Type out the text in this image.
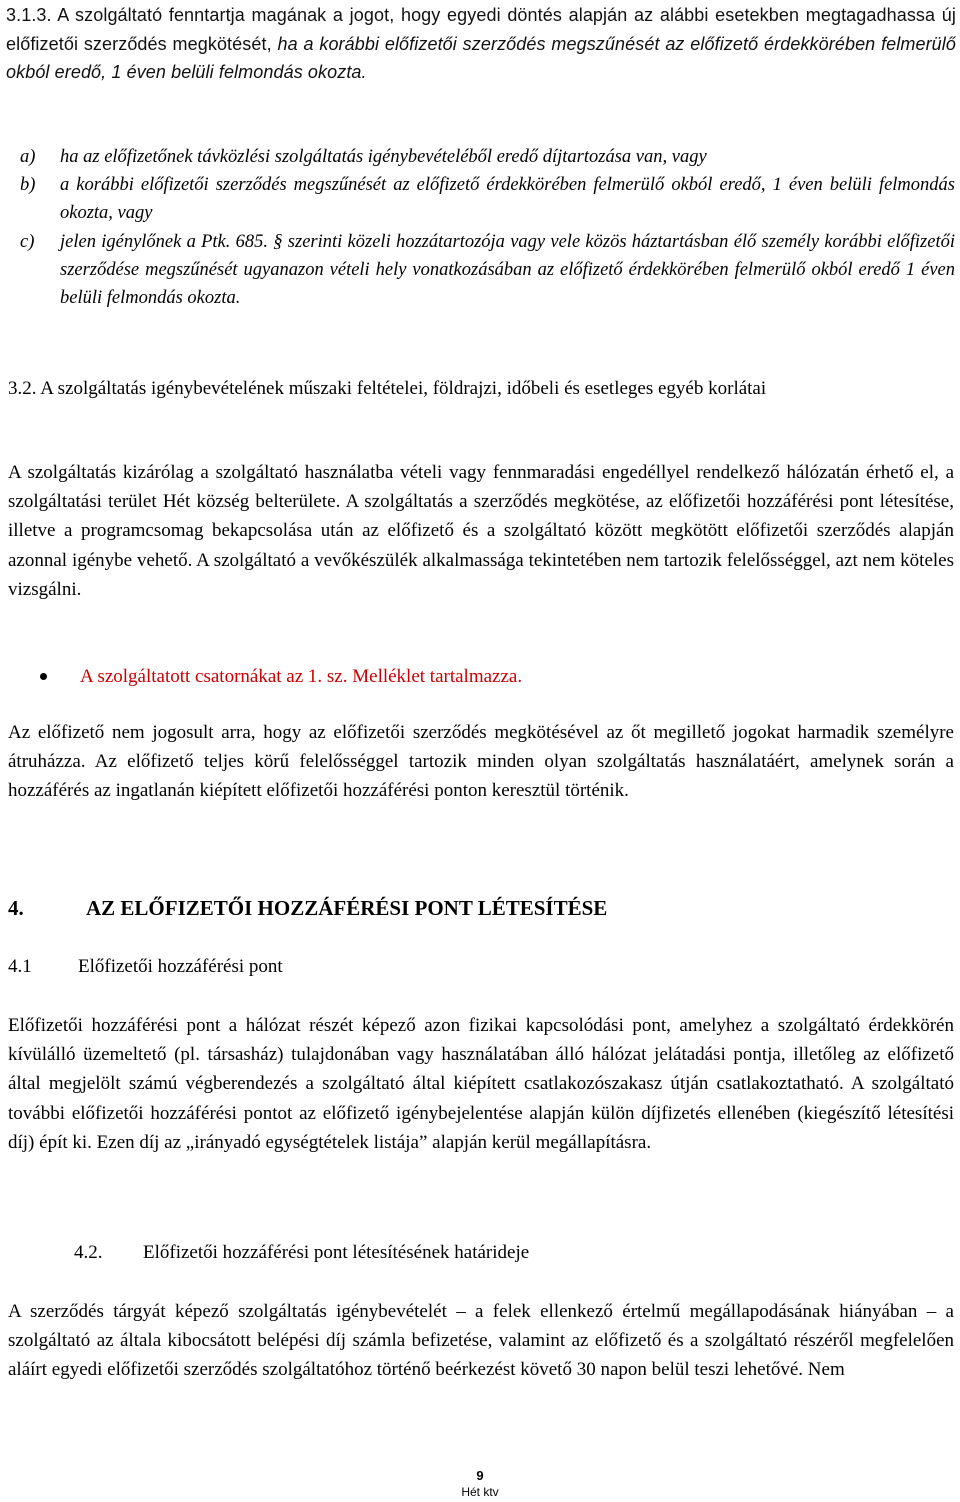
3.1.3. A szolgáltató fenntartja magának a jogot, hogy egyedi döntés alapján az alábbi esetekben megtagadhassa új előfizetői szerződés megkötését, ha a korábbi előfizetői szerződés megszűnését az előfizető érdekkörében felmerülő okból eredő, 1 éven belüli felmondás okozta.
a) ha az előfizetőnek távközlési szolgáltatás igénybevételéből eredő díjtartozása van, vagy
b) a korábbi előfizetői szerződés megszűnését az előfizető érdekkörében felmerülő okból eredő, 1 éven belüli felmondás okozta, vagy
c) jelen igénylőnek a Ptk. 685. § szerinti közeli hozzátartozója vagy vele közös háztartásban élő személy korábbi előfizetői szerződése megszűnését ugyanazon vételi hely vonatkozásában az előfizető érdekkörében felmerülő okból eredő 1 éven belüli felmondás okozta.

3.2. A szolgáltatás igénybevételének műszaki feltételei, földrajzi, időbeli és esetleges egyéb korlátai

A szolgáltatás kizárólag a szolgáltató használatba vételi vagy fennmaradási engedéllyel rendelkező hálózatán érhető el, a szolgáltatási terület Hét község belterülete. A szolgáltatás a szerződés megkötése, az előfizetői hozzáférési pont létesítése, illetve a programcsomag bekapcsolása után az előfizető és a szolgáltató között megkötött előfizetői szerződés alapján azonnal igénybe vehető. A szolgáltató a vevőkészülék alkalmassága tekintetében nem tartozik felelősséggel, azt nem köteles vizsgálni.

A szolgáltatott csatornákat az 1. sz. Melléklet tartalmazza.

Az előfizető nem jogosult arra, hogy az előfizetői szerződés megkötésével az őt megillető jogokat harmadik személyre átruházza. Az előfizető teljes körű felelősséggel tartozik minden olyan szolgáltatás használatáért, amelynek során a hozzáférés az ingatlanán kiépített előfizetői hozzáférési ponton keresztül történik.

4.	AZ ELŐFIZETŐI HOZZÁFÉRÉSI PONT LÉTESÍTÉSE
4.1 Előfizetői hozzáférési pont

Előfizetői hozzáférési pont a hálózat részét képező azon fizikai kapcsolódási pont, amelyhez a szolgáltató érdekkörén kívülálló üzemeltető (pl. társasház) tulajdonában vagy használatában álló hálózat jelátadási pontja, illetőleg az előfizető által megjelölt számú végberendezés a szolgáltató által kiépített csatlakozószakasz útján csatlakoztatható. A szolgáltató további előfizetői hozzáférési pontot az előfizető igénybejelentése alapján külön díjfizetés ellenében (kiegészítő létesítési díj) épít ki. Ezen díj az „irányadó egységtételek listája” alapján kerül megállapításra.

4.2. Előfizetői hozzáférési pont létesítésének határideje

A szerződés tárgyát képező szolgáltatás igénybevételét – a felek ellenkező értelmű megállapodásának hiányában – a szolgáltató az általa kibocsátott belépési díj számla befizetése, valamint az előfizető és a szolgáltató részéről megfelelően aláírt egyedi előfizetői szerződés szolgáltatóhoz történő beérkezést követő 30 napon belül teszi lehetővé. Nem

9
Hét ktv
